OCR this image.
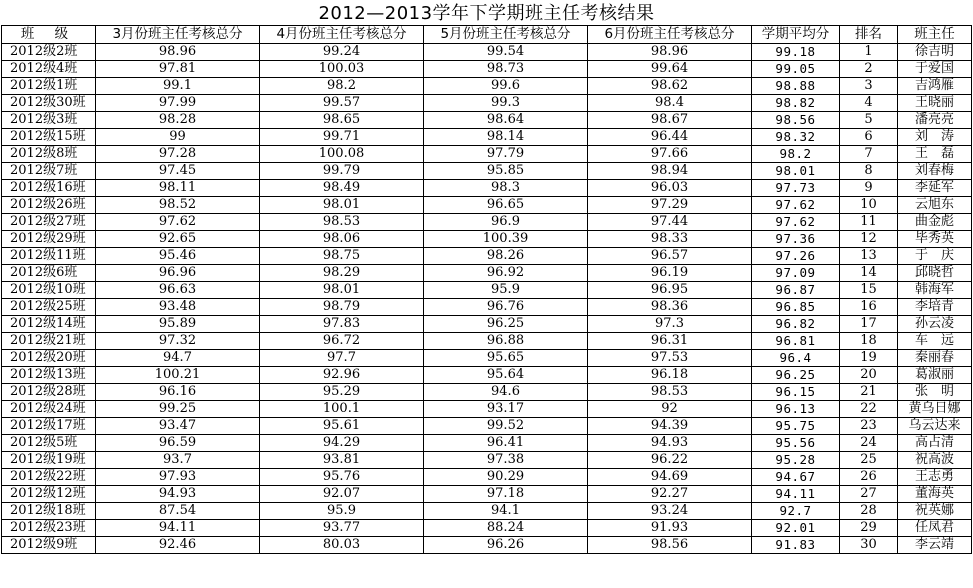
2012—2013学年下学期班主任考核结果
班 级	3月份班主任考核总分	4月份班主任考核总分	5月份班主任考核总分	6月份班主任考核总分	学期平均分	排名	班主任
2012级2班	98.96	99.24	99.54	98.96	99.18	1	徐吉明
2012级4班	97.81	100.03	98.73	99.64	99.05	2	于爱国
2012级1班	99.1	98.2	99.6	98.62	98.88	3	吉鸿雁
2012级30班	97.99	99.57	99.3	98.4	98.82	4	王晓丽
2012级3班	98.28	98.65	98.64	98.67	98.56	5	潘亮亮
2012级15班	99	99.71	98.14	96.44	98.32	6	刘　涛
2012级8班	97.28	100.08	97.79	97.66	98.2	7	王　磊
2012级7班	97.45	99.79	95.85	98.94	98.01	8	刘春梅
2012级16班	98.11	98.49	98.3	96.03	97.73	9	李延军
2012级26班	98.52	98.01	96.65	97.29	97.62	10	云旭东
2012级27班	97.62	98.53	96.9	97.44	97.62	11	曲金彪
2012级29班	92.65	98.06	100.39	98.33	97.36	12	毕秀英
2012级11班	95.46	98.75	98.26	96.57	97.26	13	于　庆
2012级6班	96.96	98.29	96.92	96.19	97.09	14	邱晓哲
2012级10班	96.63	98.01	95.9	96.95	96.87	15	韩海军
2012级25班	93.48	98.79	96.76	98.36	96.85	16	李培青
2012级14班	95.89	97.83	96.25	97.3	96.82	17	孙云凌
2012级21班	97.32	96.72	96.88	96.31	96.81	18	车　远
2012级20班	94.7	97.7	95.65	97.53	96.4	19	秦丽春
2012级13班	100.21	92.96	95.64	96.18	96.25	20	葛淑丽
2012级28班	96.16	95.29	94.6	98.53	96.15	21	张　明
2012级24班	99.25	100.1	93.17	92	96.13	22	黄乌日娜
2012级17班	93.47	95.61	99.52	94.39	95.75	23	乌云达来
2012级5班	96.59	94.29	96.41	94.93	95.56	24	高占清
2012级19班	93.7	93.81	97.38	96.22	95.28	25	祝高波
2012级22班	97.93	95.76	90.29	94.69	94.67	26	王志勇
2012级12班	94.93	92.07	97.18	92.27	94.11	27	董海英
2012级18班	87.54	95.9	94.1	93.24	92.7	28	祝英娜
2012级23班	94.11	93.77	88.24	91.93	92.01	29	任凤君
2012级9班	92.46	80.03	96.26	98.56	91.83	30	李云靖
